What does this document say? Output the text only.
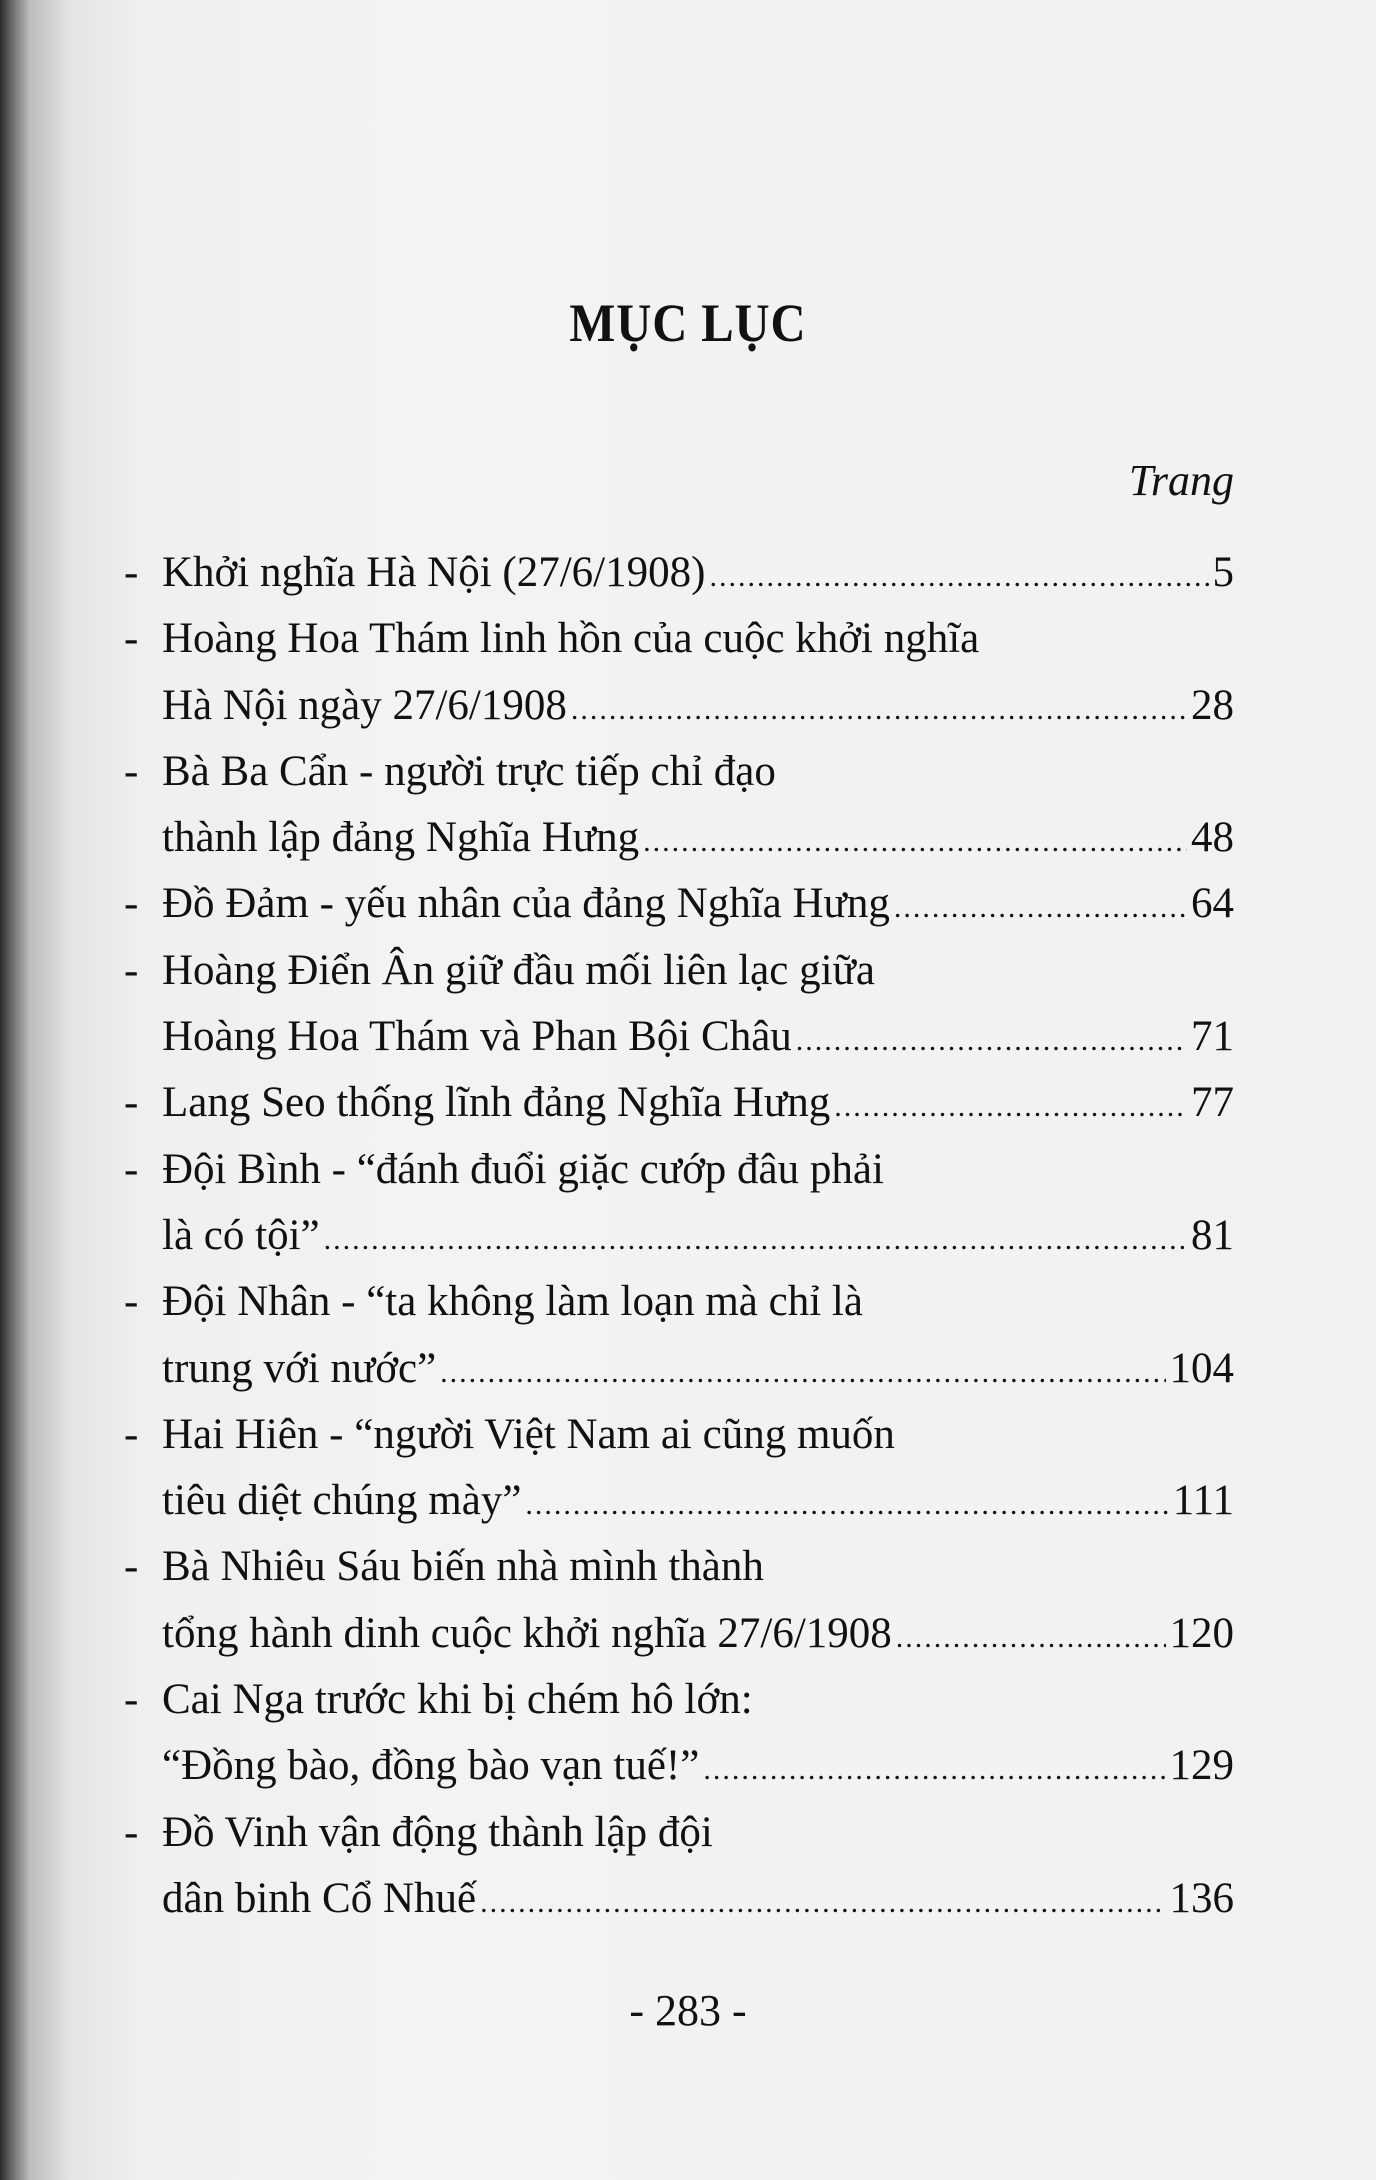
MỤC LỤC
Trang
- Khởi nghĩa Hà Nội (27/6/1908) .....	5
- Hoàng Hoa Thám linh hồn của cuộc khởi nghĩa
Hà Nội ngày 27/6/1908 .....	28
- Bà Ba Cẩn - người trực tiếp chỉ đạo
thành lập đảng Nghĩa Hưng .....	48
- Đồ Đảm - yếu nhân của đảng Nghĩa Hưng .....	64
- Hoàng Điển Ân giữ đầu mối liên lạc giữa
Hoàng Hoa Thám và Phan Bội Châu .....	71
- Lang Seo thống lĩnh đảng Nghĩa Hưng .....	77
- Đội Bình - “đánh đuổi giặc cướp đâu phải
là có tội” .....	81
- Đội Nhân - “ta không làm loạn mà chỉ là
trung với nước” .....	104
- Hai Hiên - “người Việt Nam ai cũng muốn
tiêu diệt chúng mày” .....	111
- Bà Nhiêu Sáu biến nhà mình thành
tổng hành dinh cuộc khởi nghĩa 27/6/1908 .....	120
- Cai Nga trước khi bị chém hô lớn:
“Đồng bào, đồng bào vạn tuế!” .....	129
- Đồ Vinh vận động thành lập đội
dân binh Cổ Nhuế .....	136
- 283 -
